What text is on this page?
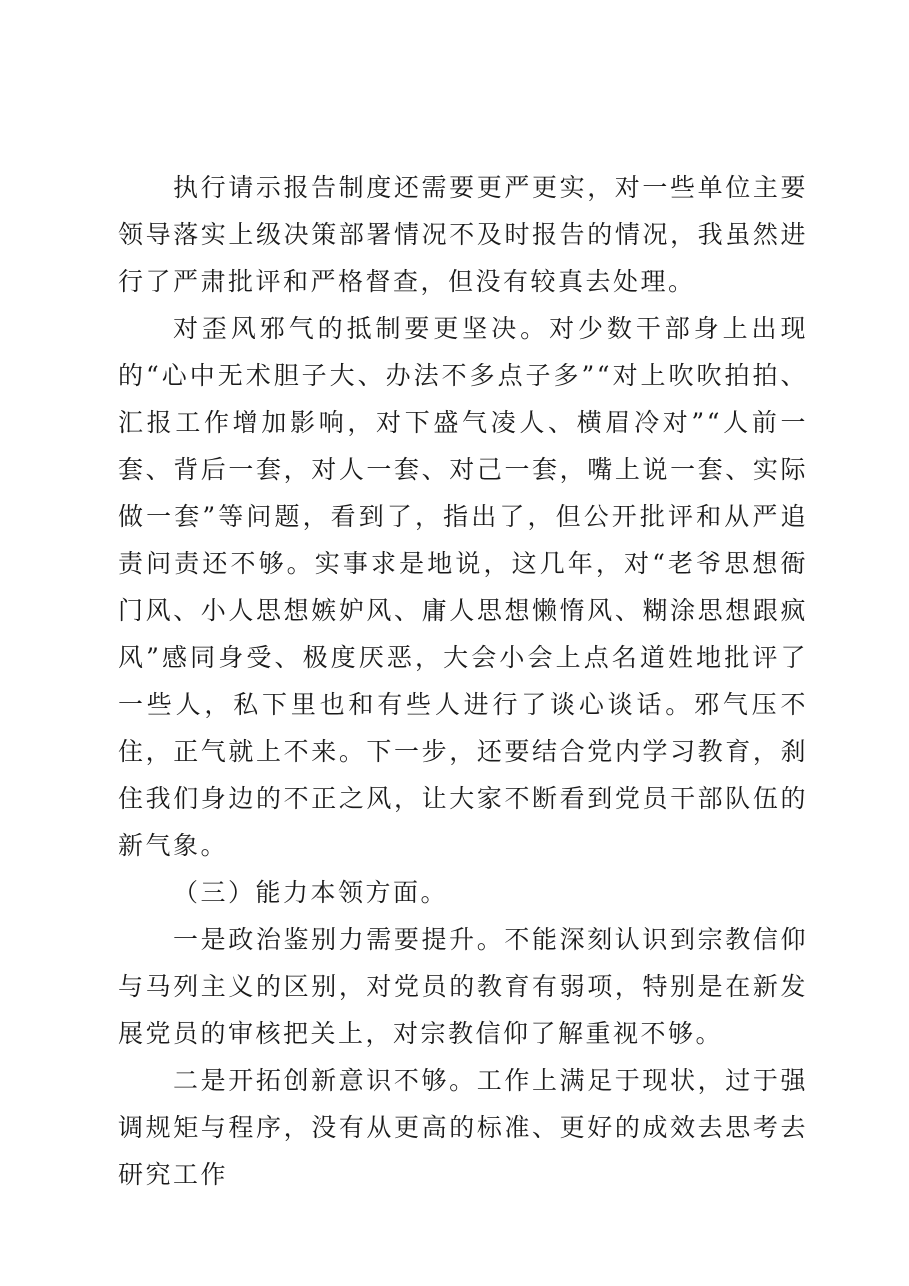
执行请示报告制度还需要更严更实，对一些单位主要领导落实上级决策部署情况不及时报告的情况，我虽然进行了严肃批评和严格督查，但没有较真去处理。

对歪风邪气的抵制要更坚决。对少数干部身上出现的“心中无术胆子大、办法不多点子多”“对上吹吹拍拍、汇报工作增加影响，对下盛气凌人、横眉冷对”“人前一套、背后一套，对人一套、对己一套，嘴上说一套、实际做一套”等问题，看到了，指出了，但公开批评和从严追责问责还不够。实事求是地说，这几年，对“老爷思想衙门风、小人思想嫉妒风、庸人思想懒惰风、糊涂思想跟疯风”感同身受、极度厌恶，大会小会上点名道姓地批评了一些人，私下里也和有些人进行了谈心谈话。邪气压不住，正气就上不来。下一步，还要结合党内学习教育，刹住我们身边的不正之风，让大家不断看到党员干部队伍的新气象。

（三）能力本领方面。

一是政治鉴别力需要提升。不能深刻认识到宗教信仰与马列主义的区别，对党员的教育有弱项，特别是在新发展党员的审核把关上，对宗教信仰了解重视不够。

二是开拓创新意识不够。工作上满足于现状，过于强调规矩与程序，没有从更高的标准、更好的成效去思考去研究工作
